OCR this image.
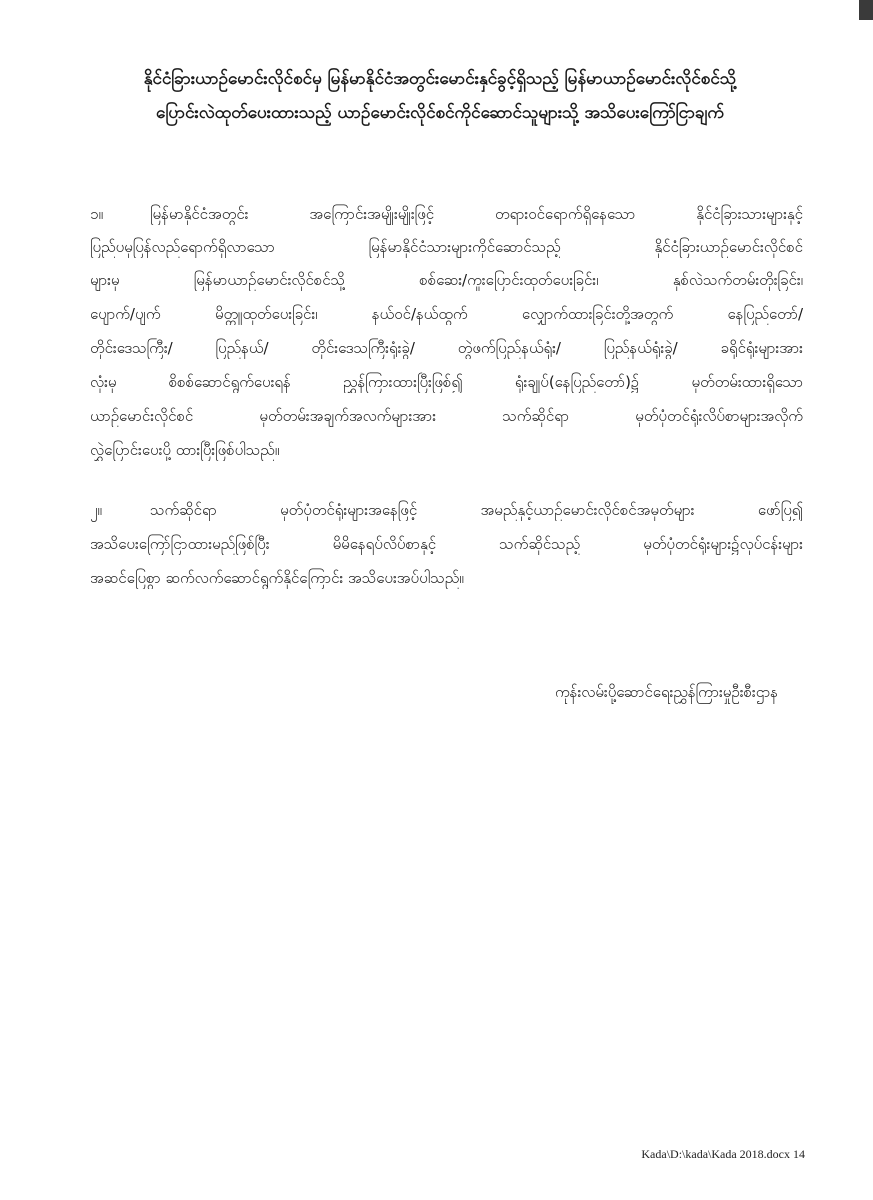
နိုင်ငံခြားယာဉ်မောင်းလိုင်စင်မှ မြန်မာနိုင်ငံအတွင်းမောင်းနှင်ခွင့်ရှိသည့် မြန်မာယာဉ်မောင်းလိုင်စင်သို့
ပြောင်းလဲထုတ်ပေးထားသည့် ယာဉ်မောင်းလိုင်စင်ကိုင်ဆောင်သူများသို့ အသိပေးကြော်ငြာချက်
၁။	မြန်မာနိုင်ငံအတွင်း အကြောင်းအမျိုးမျိုးဖြင့် တရားဝင်ရောက်ရှိနေသော နိုင်ငံခြားသားများနှင့်
ပြည်ပမှပြန်လည်ရောက်ရှိလာသော မြန်မာနိုင်ငံသားများကိုင်ဆောင်သည့် နိုင်ငံခြားယာဉ်မောင်းလိုင်စင်
များမှ မြန်မာယာဉ်မောင်းလိုင်စင်သို့ စစ်ဆေး/ကူးပြောင်းထုတ်ပေးခြင်း၊ နှစ်လဲသက်တမ်းတိုးခြင်း၊
ပျောက်/ပျက် မိတ္တူထုတ်ပေးခြင်း၊ နယ်ဝင်/နယ်ထွက် လျှောက်ထားခြင်းတို့အတွက် နေပြည်တော်/
တိုင်းဒေသကြီး/ ပြည်နယ်/ တိုင်းဒေသကြီးရုံးခွဲ/ တွဲဖက်ပြည်နယ်ရုံး/ ပြည်နယ်ရုံးခွဲ/ ခရိုင်ရုံးများအား
လုံးမှ စိစစ်ဆောင်ရွက်ပေးရန် ညွှန်ကြားထားပြီးဖြစ်၍ ရုံးချုပ်(နေပြည်တော်)၌ မှတ်တမ်းထားရှိသော
ယာဉ်မောင်းလိုင်စင် မှတ်တမ်းအချက်အလက်များအား သက်ဆိုင်ရာ မှတ်ပုံတင်ရုံးလိပ်စာများအလိုက်
လွှဲပြောင်းပေးပို့ ထားပြီးဖြစ်ပါသည်။
၂။	သက်ဆိုင်ရာ မှတ်ပုံတင်ရုံးများအနေဖြင့် အမည်နှင့်ယာဉ်မောင်းလိုင်စင်အမှတ်များ ဖော်ပြ၍
အသိပေးကြော်ငြာထားမည်ဖြစ်ပြီး မိမိနေရပ်လိပ်စာနှင့် သက်ဆိုင်သည့် မှတ်ပုံတင်ရုံးများ၌လုပ်ငန်းများ
အဆင်ပြေစွာ ဆက်လက်ဆောင်ရွက်နိုင်ကြောင်း အသိပေးအပ်ပါသည်။
ကုန်းလမ်းပို့ဆောင်ရေးညွှန်ကြားမှုဦးစီးဌာန
Kada\D:\kada\Kada 2018.docx 14
